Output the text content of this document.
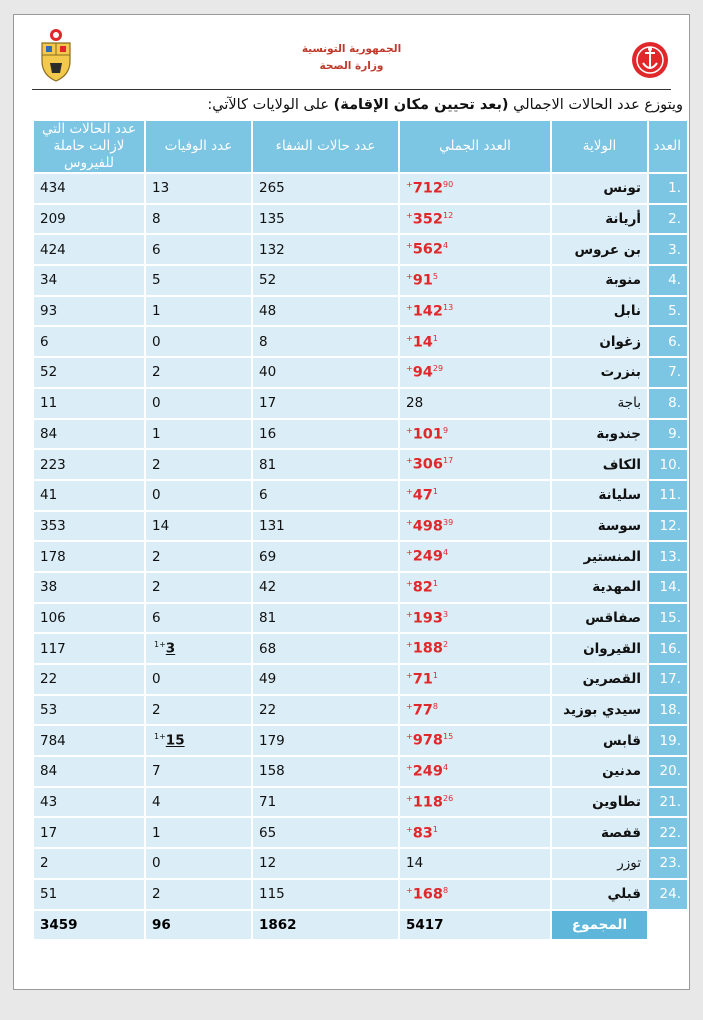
الجمهورية التونسية
وزارة الصحة
ويتوزع عدد الحالات الاجمالي (بعد تحيين مكان الإقامة) على الولايات كالآتي:
العدد	الولاية	العدد الجملي	عدد حالات الشفاء	عدد الوفيات	عدد الحالات التي لازالت حاملة للفيروس
.1	تونس	$712^{90+}$	265	13	434
.2	أريانة	$352^{12+}$	135	8	209
.3	بن عروس	$562^{4+}$	132	6	424
.4	منوبة	$91^{5+}$	52	5	34
.5	نابل	$142^{13+}$	48	1	93
.6	زغوان	$14^{1+}$	8	0	6
.7	بنزرت	$94^{29+}$	40	2	52
.8	باجة	28	17	0	11
.9	جندوبة	$101^{9+}$	16	1	84
.10	الكاف	$306^{17+}$	81	2	223
.11	سليانة	$47^{1+}$	6	0	41
.12	سوسة	$498^{39+}$	131	14	353
.13	المنستير	$249^{4+}$	69	2	178
.14	المهدية	$82^{1+}$	42	2	38
.15	صفاقس	$193^{3+}$	81	6	106
.16	القيروان	$188^{2+}$	68	$^{1+}$3	117
.17	القصرين	$71^{1+}$	49	0	22
.18	سيدي بوزيد	$77^{8+}$	22	2	53
.19	قابس	$978^{15+}$	179	$^{1+}$15	784
.20	مدنين	$249^{4+}$	158	7	84
.21	تطاوين	$118^{26+}$	71	4	43
.22	قفصة	$83^{1+}$	65	1	17
.23	توزر	14	12	0	2
.24	قبلي	$168^{8+}$	115	2	51
	المجموع	5417	1862	96	3459
